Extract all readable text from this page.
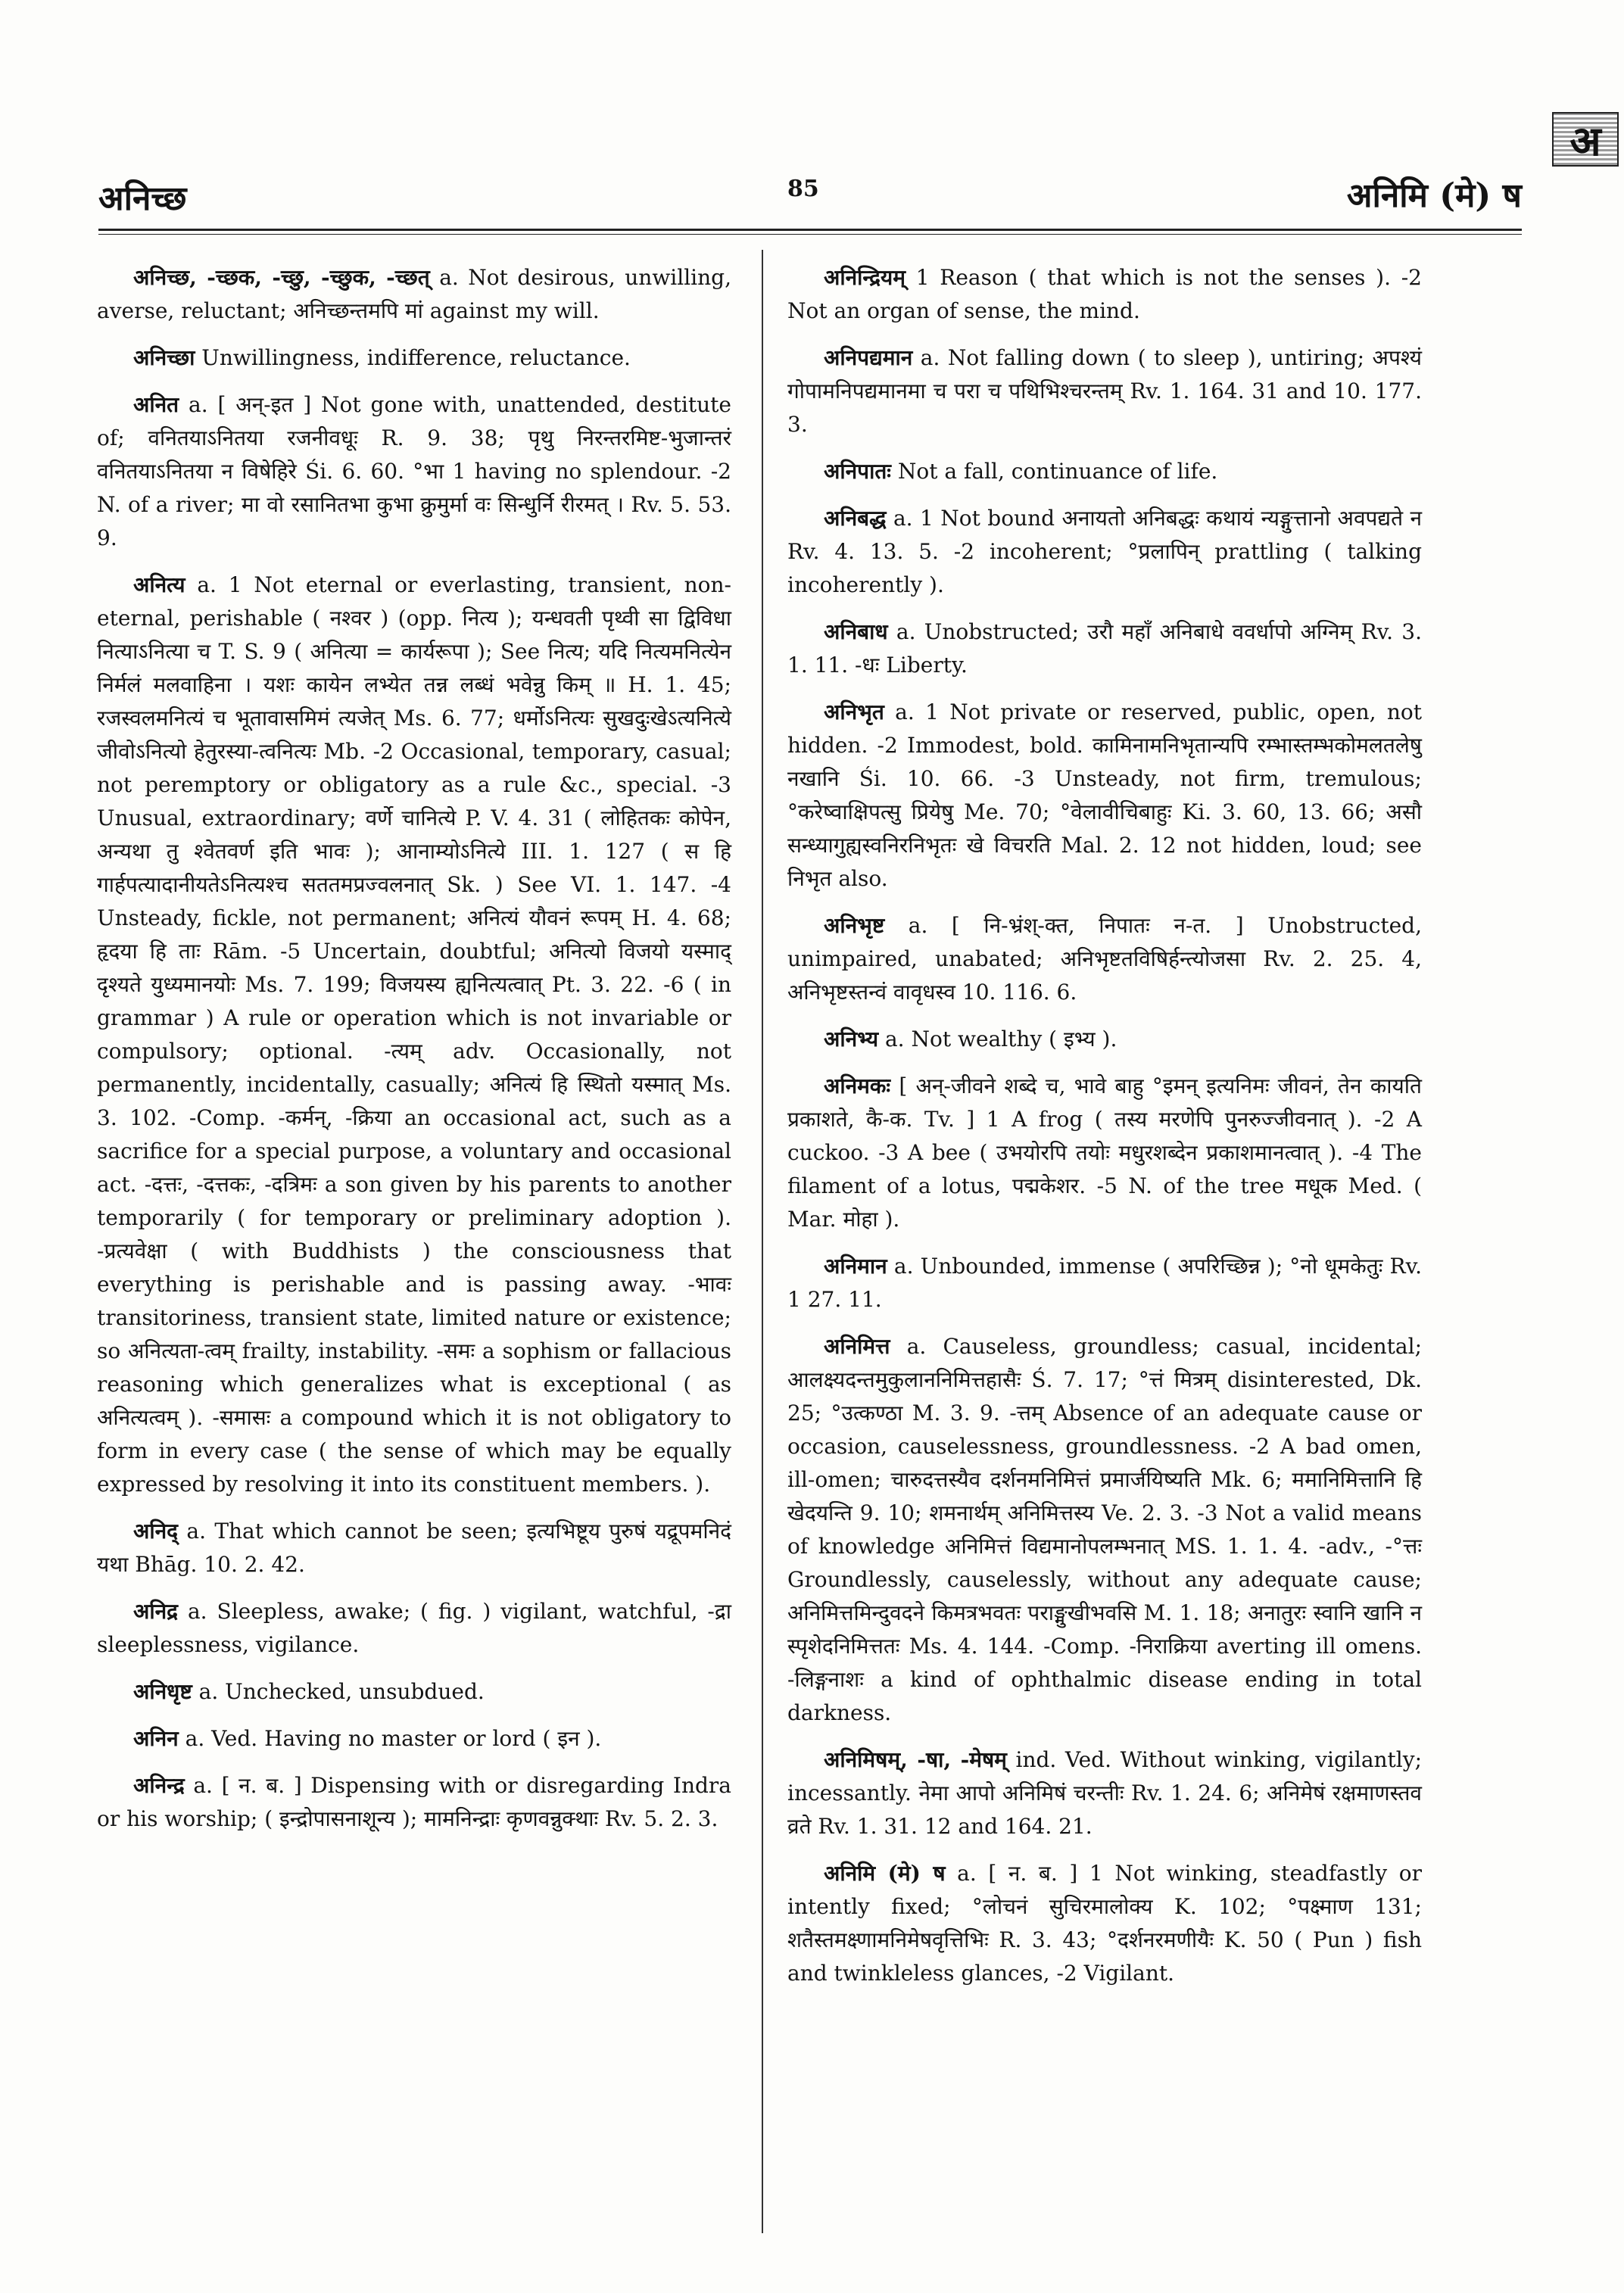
अ
अनिच्छ	85	अनिमि (मे) ष

अनिच्छ, -च्छक, -च्छु, -च्छुक, -च्छत् a. Not desirous, unwilling, averse, reluctant; अनिच्छन्तमपि मां against my will.

अनिच्छा Unwillingness, indifference, reluctance.

अनित a. [ अन्-इत ] Not gone with, unattended, destitute of; वनितयाऽनितया रजनीवधूः R. 9. 38; पृथु निरन्तरमिष्ट-भुजान्तरं वनितयाऽनितया न विषेहिरे Śi. 6. 60. °भा 1 having no splendour. -2 N. of a river; मा वो रसानितभा कुभा क्रुमुर्मा वः सिन्धुर्नि रीरमत् । Rv. 5. 53. 9.

अनित्य a. 1 Not eternal or everlasting, transient, non-eternal, perishable ( नश्वर ) (opp. नित्य ); यन्धवती पृथ्वी सा द्विविधा नित्याऽनित्या च T. S. 9 ( अनित्या = कार्यरूपा ); See नित्य; यदि नित्यमनित्येन निर्मलं मलवाहिना । यशः कायेन लभ्येत तन्न लब्धं भवेन्नु किम् ॥ H. 1. 45; रजस्वलमनित्यं च भूतावासमिमं त्यजेत् Ms. 6. 77; धर्मोऽनित्यः सुखदुःखेऽत्यनित्ये जीवोऽनित्यो हेतुरस्या-त्वनित्यः Mb. -2 Occasional, temporary, casual; not peremptory or obligatory as a rule &c., special. -3 Unusual, extraordinary; वर्णे चानित्ये P. V. 4. 31 ( लोहितकः कोपेन, अन्यथा तु श्वेतवर्ण इति भावः ); आनाम्योऽनित्ये III. 1. 127 ( स हि गार्हपत्यादानीयतेऽनित्यश्च सततमप्रज्वलनात् Sk. ) See VI. 1. 147. -4 Unsteady, fickle, not permanent; अनित्यं यौवनं रूपम् H. 4. 68; हृदया हि ताः Rām. -5 Uncertain, doubtful; अनित्यो विजयो यस्माद् दृश्यते युध्यमानयोः Ms. 7. 199; विजयस्य ह्यनित्यत्वात् Pt. 3. 22. -6 ( in grammar ) A rule or operation which is not invariable or compulsory; optional. -त्यम् adv. Occasionally, not permanently, incidentally, casually; अनित्यं हि स्थितो यस्मात् Ms. 3. 102. -Comp. -कर्मन्, -क्रिया an occasional act, such as a sacrifice for a special purpose, a voluntary and occasional act. -दत्तः, -दत्तकः, -दत्रिमः a son given by his parents to another temporarily ( for temporary or preliminary adoption ). -प्रत्यवेक्षा ( with Buddhists ) the consciousness that everything is perishable and is passing away. -भावः transitoriness, transient state, limited nature or existence; so अनित्यता-त्वम् frailty, instability. -समः a sophism or fallacious reasoning which generalizes what is exceptional ( as अनित्यत्वम् ). -समासः a compound which it is not obligatory to form in every case ( the sense of which may be equally expressed by resolving it into its constituent members. ).

अनिद् a. That which cannot be seen; इत्यभिष्टूय पुरुषं यद्रूपमनिदं यथा Bhāg. 10. 2. 42.

अनिद्र a. Sleepless, awake; ( fig. ) vigilant, watchful, -द्रा sleeplessness, vigilance.

अनिधृष्ट a. Unchecked, unsubdued.

अनिन a. Ved. Having no master or lord ( इन ).

अनिन्द्र a. [ न. ब. ] Dispensing with or disregarding Indra or his worship; ( इन्द्रोपासनाशून्य ); मामनिन्द्राः कृणवन्नुक्थाः Rv. 5. 2. 3.

अनिन्द्रियम् 1 Reason ( that which is not the senses ). -2 Not an organ of sense, the mind.

अनिपद्यमान a. Not falling down ( to sleep ), untiring; अपश्यं गोपामनिपद्यमानमा च परा च पथिभिश्चरन्तम् Rv. 1. 164. 31 and 10. 177. 3.

अनिपातः Not a fall, continuance of life.

अनिबद्ध a. 1 Not bound अनायतो अनिबद्धः कथायं न्यङ्गुत्तानो अवपद्यते न Rv. 4. 13. 5. -2 incoherent; °प्रलापिन् prattling ( talking incoherently ).

अनिबाध a. Unobstructed; उरौ महाँ अनिबाधे ववर्धापो अग्निम् Rv. 3. 1. 11. -धः Liberty.

अनिभृत a. 1 Not private or reserved, public, open, not hidden. -2 Immodest, bold. कामिनामनिभृतान्यपि रम्भास्तम्भकोमलतलेषु नखानि Śi. 10. 66. -3 Unsteady, not firm, tremulous; °करेष्वाक्षिपत्सु प्रियेषु Me. 70; °वेलावीचिबाहुः Ki. 3. 60, 13. 66; असौ सन्ध्यागुह्यस्वनिरनिभृतः खे विचरति Mal. 2. 12 not hidden, loud; see निभृत also.

अनिभृष्ट a. [ नि-भ्रंश्-क्त, निपातः न-त. ] Unobstructed, unimpaired, unabated; अनिभृष्टतविषिर्हन्त्योजसा Rv. 2. 25. 4, अनिभृष्टस्तन्वं वावृधस्व 10. 116. 6.

अनिभ्य a. Not wealthy ( इभ्य ).

अनिमकः [ अन्-जीवने शब्दे च, भावे बाहु °इमन् इत्यनिमः जीवनं, तेन कायति प्रकाशते, कै-क. Tv. ] 1 A frog ( तस्य मरणेपि पुनरुज्जीवनात् ). -2 A cuckoo. -3 A bee ( उभयोरपि तयोः मधुरशब्देन प्रकाशमानत्वात् ). -4 The filament of a lotus, पद्मकेशर. -5 N. of the tree मधूक Med. ( Mar. मोहा ).

अनिमान a. Unbounded, immense ( अपरिच्छिन्न ); °नो धूमकेतुः Rv. 1 27. 11.

अनिमित्त a. Causeless, groundless; casual, incidental; आलक्ष्यदन्तमुकुलाननिमित्तहासैः Ś. 7. 17; °त्तं मित्रम् disinterested, Dk. 25; °उत्कण्ठा M. 3. 9. -त्तम् Absence of an adequate cause or occasion, causelessness, groundlessness. -2 A bad omen, ill-omen; चारुदत्तस्यैव दर्शनमनिमित्तं प्रमार्जयिष्यति Mk. 6; ममानिमित्तानि हि खेदयन्ति 9. 10; शमनार्थम् अनिमित्तस्य Ve. 2. 3. -3 Not a valid means of knowledge अनिमित्तं विद्यमानोपलम्भनात् MS. 1. 1. 4. -adv., -°त्तः Groundlessly, causelessly, without any adequate cause; अनिमित्तमिन्दुवदने किमत्रभवतः पराङ्मुखीभवसि M. 1. 18; अनातुरः स्वानि खानि न स्पृशेदनिमित्ततः Ms. 4. 144. -Comp. -निराक्रिया averting ill omens. -लिङ्गनाशः a kind of ophthalmic disease ending in total darkness.

अनिमिषम्, -षा, -मेषम् ind. Ved. Without winking, vigilantly; incessantly. नेमा आपो अनिमिषं चरन्तीः Rv. 1. 24. 6; अनिमेषं रक्षमाणस्तव व्रते Rv. 1. 31. 12 and 164. 21.

अनिमि (मे) ष a. [ न. ब. ] 1 Not winking, steadfastly or intently fixed; °लोचनं सुचिरमालोक्य K. 102; °पक्ष्माण 131; शतैस्तमक्ष्णामनिमेषवृत्तिभिः R. 3. 43; °दर्शनरमणीयैः K. 50 ( Pun ) fish and twinkleless glances, -2 Vigilant.
